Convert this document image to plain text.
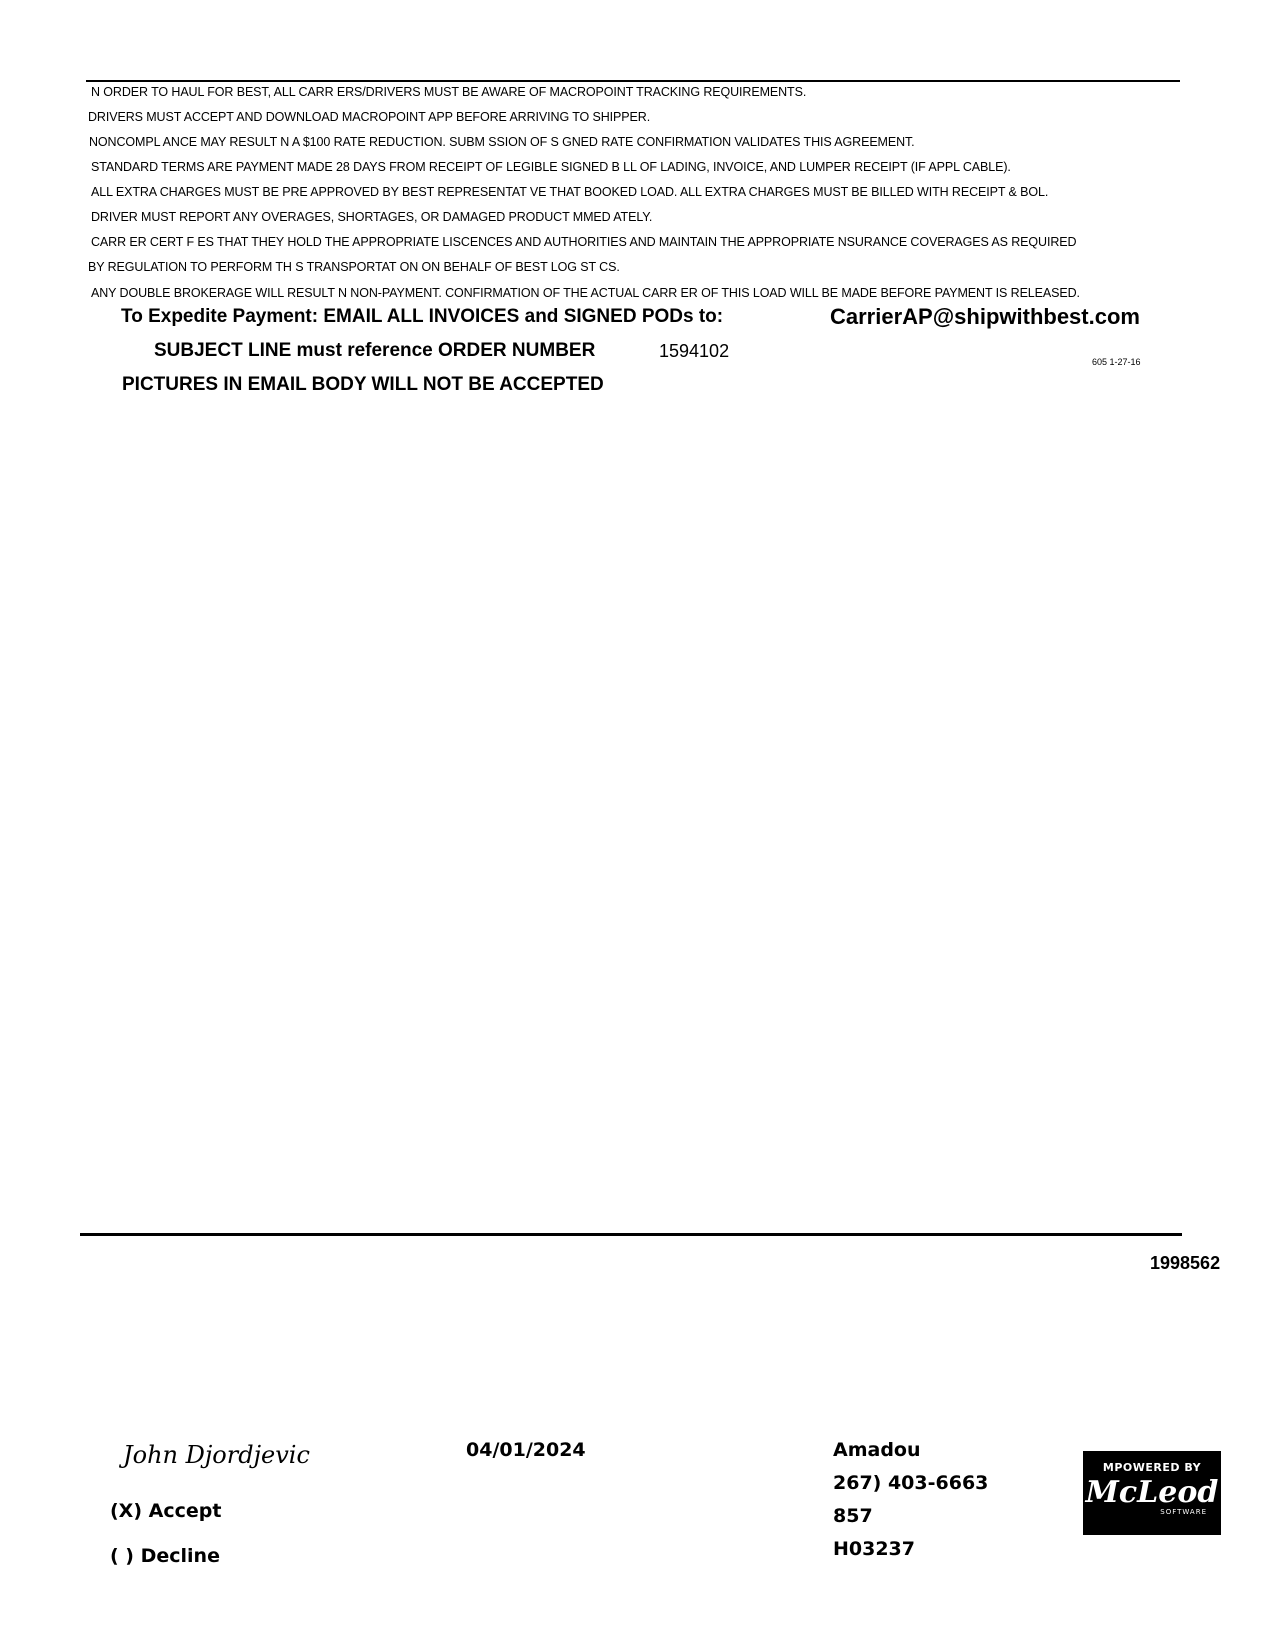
N ORDER TO HAUL FOR BEST, ALL CARR ERS/DRIVERS MUST BE AWARE OF MACROPOINT TRACKING REQUIREMENTS.
DRIVERS MUST ACCEPT AND DOWNLOAD MACROPOINT APP BEFORE ARRIVING TO SHIPPER.
NONCOMPL ANCE MAY RESULT N A $100 RATE REDUCTION. SUBM SSION OF S GNED RATE CONFIRMATION VALIDATES THIS AGREEMENT.
STANDARD TERMS ARE PAYMENT MADE 28 DAYS FROM RECEIPT OF LEGIBLE SIGNED B LL OF LADING, INVOICE, AND LUMPER RECEIPT (IF APPL CABLE).
ALL EXTRA CHARGES MUST BE PRE APPROVED BY BEST REPRESENTAT VE THAT BOOKED LOAD. ALL EXTRA CHARGES MUST BE BILLED WITH RECEIPT & BOL.
DRIVER MUST REPORT ANY OVERAGES, SHORTAGES, OR DAMAGED PRODUCT MMED ATELY.
CARR ER CERT F ES THAT THEY HOLD THE APPROPRIATE LISCENCES AND AUTHORITIES AND MAINTAIN THE APPROPRIATE NSURANCE COVERAGES AS REQUIRED
BY REGULATION TO PERFORM TH S TRANSPORTAT ON ON BEHALF OF BEST LOG ST CS.
ANY DOUBLE BROKERAGE WILL RESULT N NON-PAYMENT. CONFIRMATION OF THE ACTUAL CARR ER OF THIS LOAD WILL BE MADE BEFORE PAYMENT IS RELEASED.
To Expedite Payment: EMAIL ALL INVOICES and SIGNED PODs to:	CarrierAP@shipwithbest.com
SUBJECT LINE must reference ORDER NUMBER	1594102
605 1-27-16
PICTURES IN EMAIL BODY WILL NOT BE ACCEPTED
1998562
John Djordjevic	04/01/2024
(X) Accept
( ) Decline
Amadou
267) 403-6663
857
H03237
MPOWERED BY
McLeod
SOFTWARE
